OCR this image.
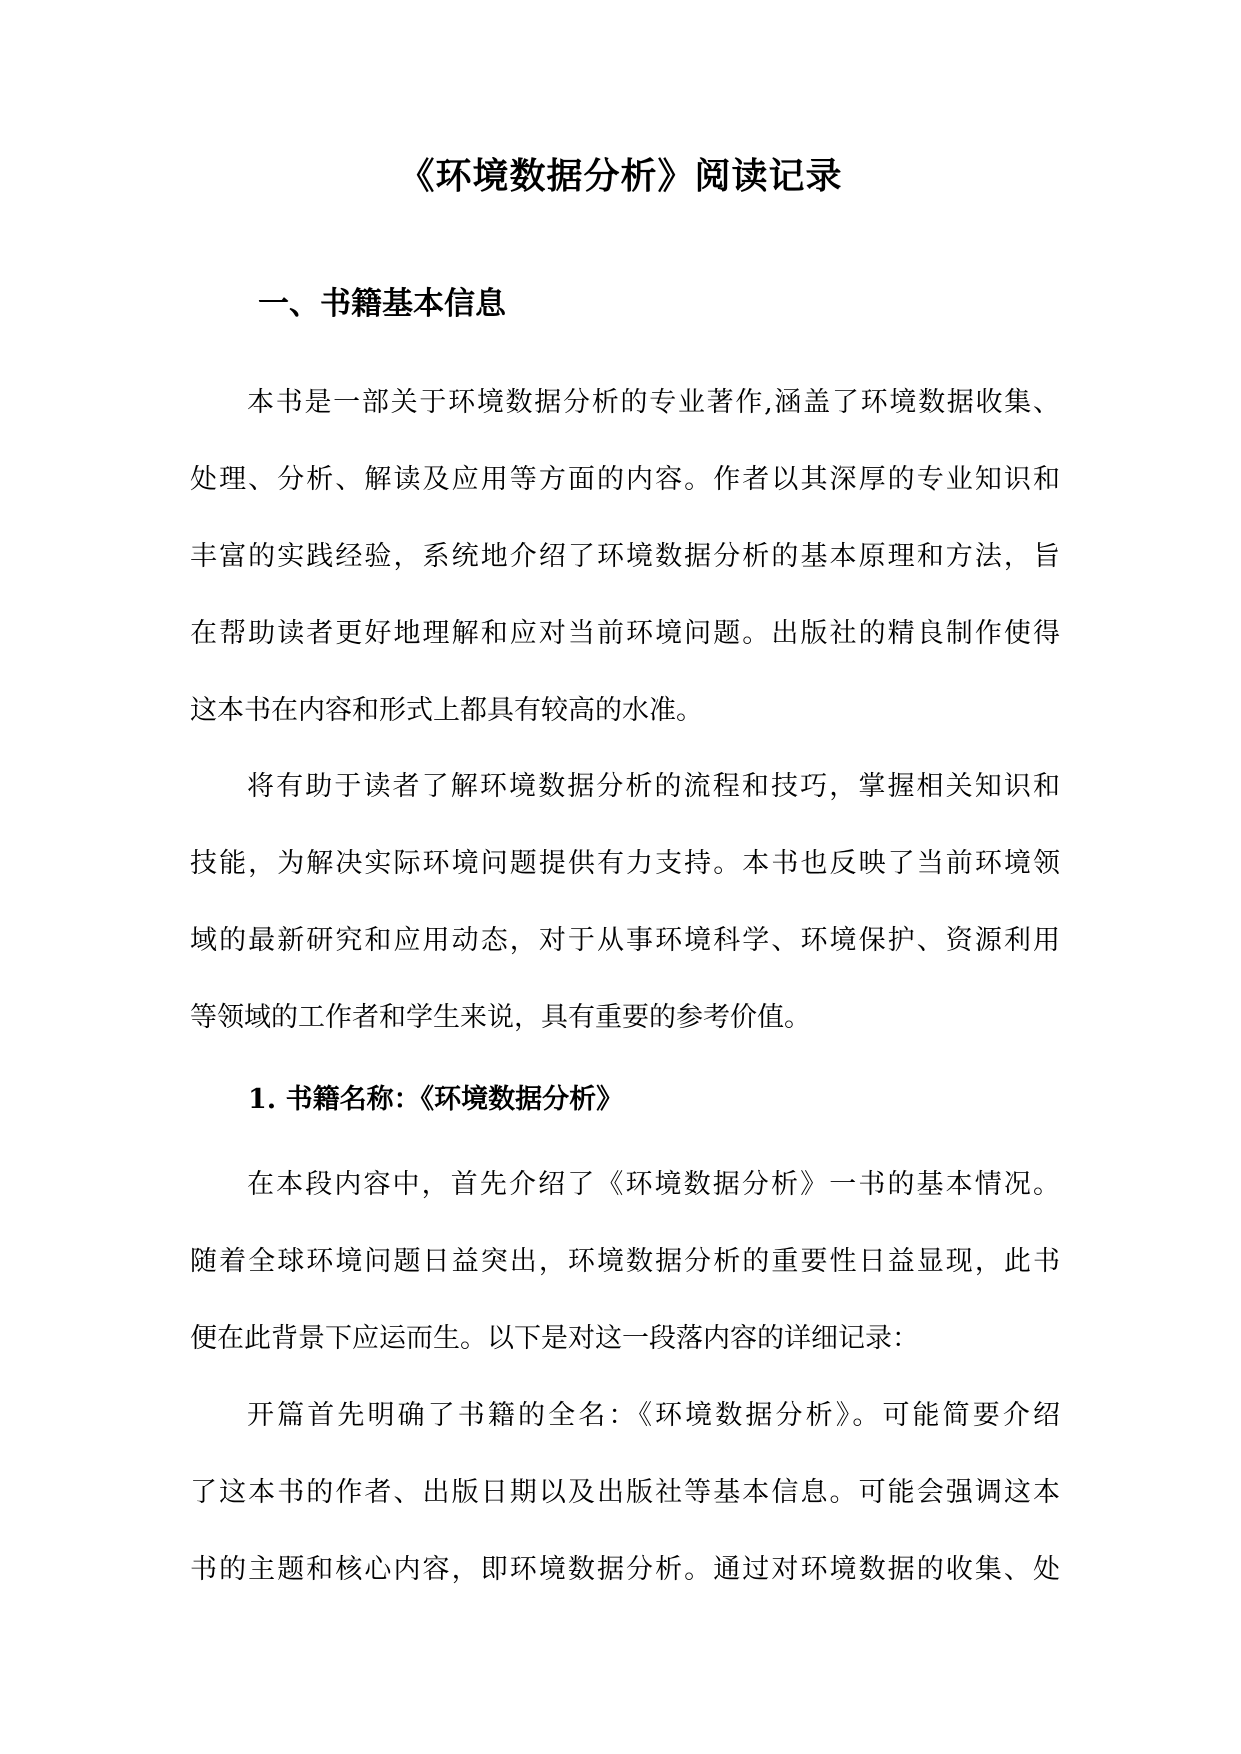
《环境数据分析》阅读记录
一、书籍基本信息

本书是一部关于环境数据分析的专业著作,涵盖了环境数据收集、
处理、分析、解读及应用等方面的内容。作者以其深厚的专业知识和
丰富的实践经验，系统地介绍了环境数据分析的基本原理和方法，旨
在帮助读者更好地理解和应对当前环境问题。出版社的精良制作使得
这本书在内容和形式上都具有较高的水准。

将有助于读者了解环境数据分析的流程和技巧，掌握相关知识和
技能，为解决实际环境问题提供有力支持。本书也反映了当前环境领
域的最新研究和应用动态，对于从事环境科学、环境保护、资源利用
等领域的工作者和学生来说，具有重要的参考价值。

1. 书籍名称：《环境数据分析》

在本段内容中，首先介绍了《环境数据分析》一书的基本情况。
随着全球环境问题日益突出，环境数据分析的重要性日益显现，此书
便在此背景下应运而生。以下是对这一段落内容的详细记录：

开篇首先明确了书籍的全名：《环境数据分析》。可能简要介绍
了这本书的作者、出版日期以及出版社等基本信息。可能会强调这本
书的主题和核心内容，即环境数据分析。通过对环境数据的收集、处
